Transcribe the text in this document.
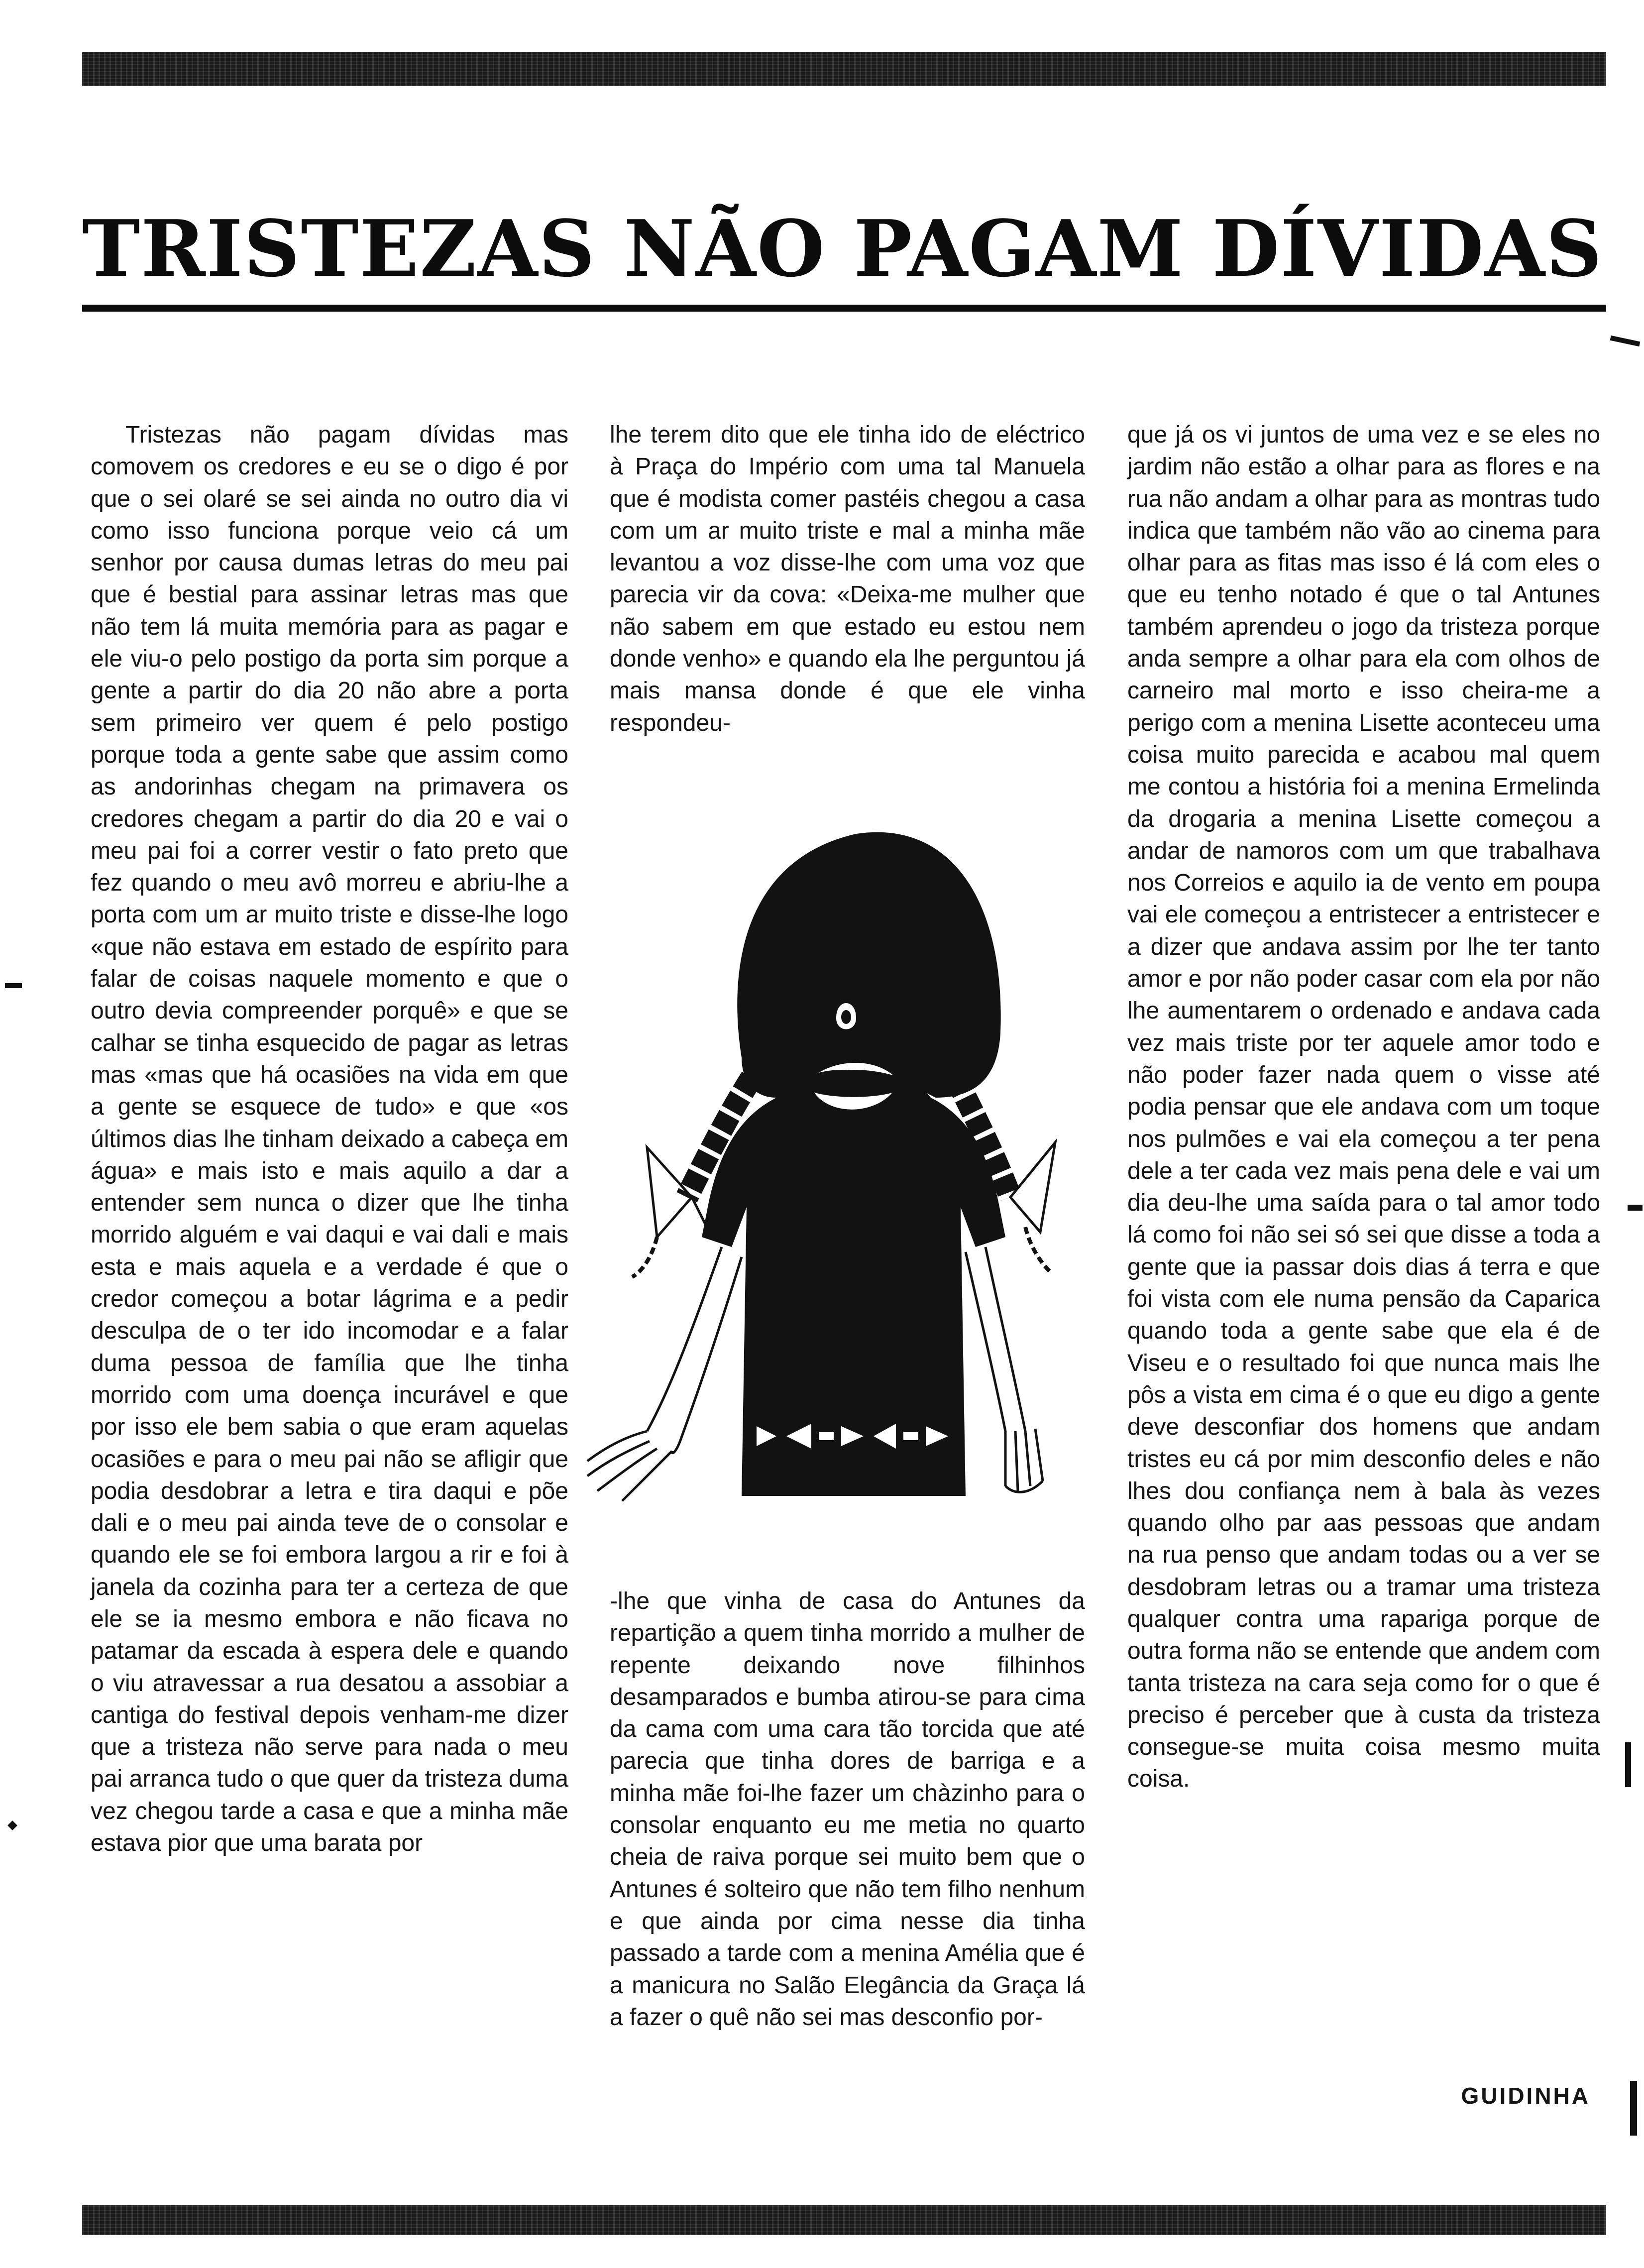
TRISTEZAS NÃO PAGAM DÍVIDAS

Tristezas não pagam dívidas mas comovem os credores e eu se o digo é por que o sei olaré se sei ainda no outro dia vi como isso funciona porque veio cá um senhor por causa dumas letras do meu pai que é bestial para assinar letras mas que não tem lá muita memória para as pagar e ele viu-o pelo postigo da porta sim porque a gente a partir do dia 20 não abre a porta sem primeiro ver quem é pelo postigo porque toda a gente sabe que assim como as andorinhas chegam na primavera os credores chegam a partir do dia 20 e vai o meu pai foi a correr vestir o fato preto que fez quando o meu avô morreu e abriu-lhe a porta com um ar muito triste e disse-lhe logo «que não estava em estado de espírito para falar de coisas naquele momento e que o outro devia compreender porquê» e que se calhar se tinha esquecido de pagar as letras mas «mas que há ocasiões na vida em que a gente se esquece de tudo» e que «os últimos dias lhe tinham deixado a cabeça em água» e mais isto e mais aquilo a dar a entender sem nunca o dizer que lhe tinha morrido alguém e vai daqui e vai dali e mais esta e mais aquela e a verdade é que o credor começou a botar lágrima e a pedir desculpa de o ter ido incomodar e a falar duma pessoa de família que lhe tinha morrido com uma doença incurável e que por isso ele bem sabia o que eram aquelas ocasiões e para o meu pai não se afligir que podia desdobrar a letra e tira daqui e põe dali e o meu pai ainda teve de o consolar e quando ele se foi embora largou a rir e foi à janela da cozinha para ter a certeza de que ele se ia mesmo embora e não ficava no patamar da escada à espera dele e quando o viu atravessar a rua desatou a assobiar a cantiga do festival depois venham-me dizer que a tristeza não serve para nada o meu pai arranca tudo o que quer da tristeza duma vez chegou tarde a casa e que a minha mãe estava pior que uma barata por

lhe terem dito que ele tinha ido de eléctrico à Praça do Império com uma tal Manuela que é modista comer pastéis chegou a casa com um ar muito triste e mal a minha mãe levantou a voz disse-lhe com uma voz que parecia vir da cova: «Deixa-me mulher que não sabem em que estado eu estou nem donde venho» e quando ela lhe perguntou já mais mansa donde é que ele vinha respondeu-

-lhe que vinha de casa do Antunes da repartição a quem tinha morrido a mulher de repente deixando nove filhinhos desamparados e bumba atirou-se para cima da cama com uma cara tão torcida que até parecia que tinha dores de barriga e a minha mãe foi-lhe fazer um chàzinho para o consolar enquanto eu me metia no quarto cheia de raiva porque sei muito bem que o Antunes é solteiro que não tem filho nenhum e que ainda por cima nesse dia tinha passado a tarde com a menina Amélia que é a manicura no Salão Elegância da Graça lá a fazer o quê não sei mas desconfio por-

que já os vi juntos de uma vez e se eles no jardim não estão a olhar para as flores e na rua não andam a olhar para as montras tudo indica que também não vão ao cinema para olhar para as fitas mas isso é lá com eles o que eu tenho notado é que o tal Antunes também aprendeu o jogo da tristeza porque anda sempre a olhar para ela com olhos de carneiro mal morto e isso cheira-me a perigo com a menina Lisette aconteceu uma coisa muito parecida e acabou mal quem me contou a história foi a menina Ermelinda da drogaria a menina Lisette começou a andar de namoros com um que trabalhava nos Correios e aquilo ia de vento em poupa vai ele começou a entristecer a entristecer e a dizer que andava assim por lhe ter tanto amor e por não poder casar com ela por não lhe aumentarem o ordenado e andava cada vez mais triste por ter aquele amor todo e não poder fazer nada quem o visse até podia pensar que ele andava com um toque nos pulmões e vai ela começou a ter pena dele a ter cada vez mais pena dele e vai um dia deu-lhe uma saída para o tal amor todo lá como foi não sei só sei que disse a toda a gente que ia passar dois dias á terra e que foi vista com ele numa pensão da Caparica quando toda a gente sabe que ela é de Viseu e o resultado foi que nunca mais lhe pôs a vista em cima é o que eu digo a gente deve desconfiar dos homens que andam tristes eu cá por mim desconfio deles e não lhes dou confiança nem à bala às vezes quando olho par aas pessoas que andam na rua penso que andam todas ou a ver se desdobram letras ou a tramar uma tristeza qualquer contra uma rapariga porque de outra forma não se entende que andem com tanta tristeza na cara seja como for o que é preciso é perceber que à custa da tristeza consegue-se muita coisa mesmo muita coisa.

GUIDINHA
